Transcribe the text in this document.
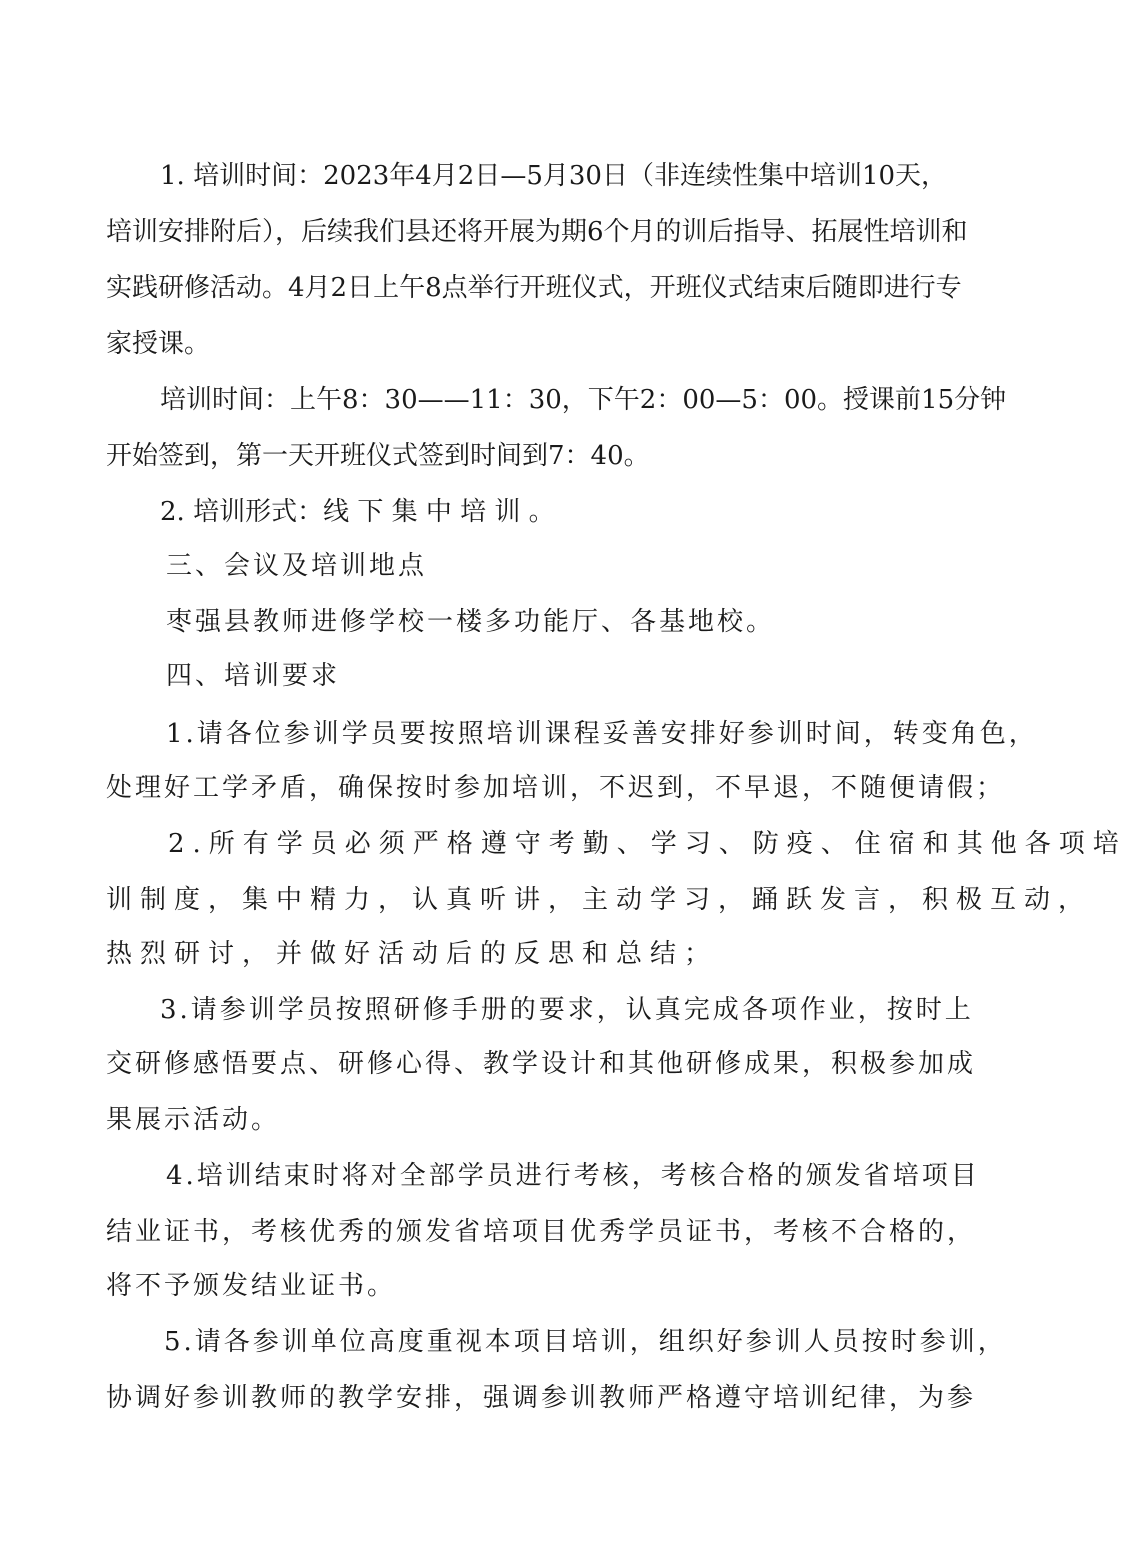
1. 培训时间：2023年4月2日—5月30日（非连续性集中培训10天，
培训安排附后），后续我们县还将开展为期6个月的训后指导、拓展性培训和
实践研修活动。4月2日上午8点举行开班仪式，开班仪式结束后随即进行专
家授课。
培训时间：上午8：30——11：30，下午2：00—5：00。授课前15分钟
开始签到，第一天开班仪式签到时间到7：40。
2. 培训形式：线 下 集 中 培 训 。
三、会议及培训地点
枣强县教师进修学校一楼多功能厅、各基地校。
四、培训要求
1.请各位参训学员要按照培训课程妥善安排好参训时间，转变角色，
处理好工学矛盾，确保按时参加培训，不迟到，不早退，不随便请假；
2.所有学员必须严格遵守考勤、学习、防疫、住宿和其他各项培
训制度，集中精力，认真听讲，主动学习，踊跃发言，积极互动，
热烈研讨，并做好活动后的反思和总结；
3.请参训学员按照研修手册的要求，认真完成各项作业，按时上
交研修感悟要点、研修心得、教学设计和其他研修成果，积极参加成
果展示活动。
4.培训结束时将对全部学员进行考核，考核合格的颁发省培项目
结业证书，考核优秀的颁发省培项目优秀学员证书，考核不合格的，
将不予颁发结业证书。
5.请各参训单位高度重视本项目培训，组织好参训人员按时参训，
协调好参训教师的教学安排，强调参训教师严格遵守培训纪律，为参
